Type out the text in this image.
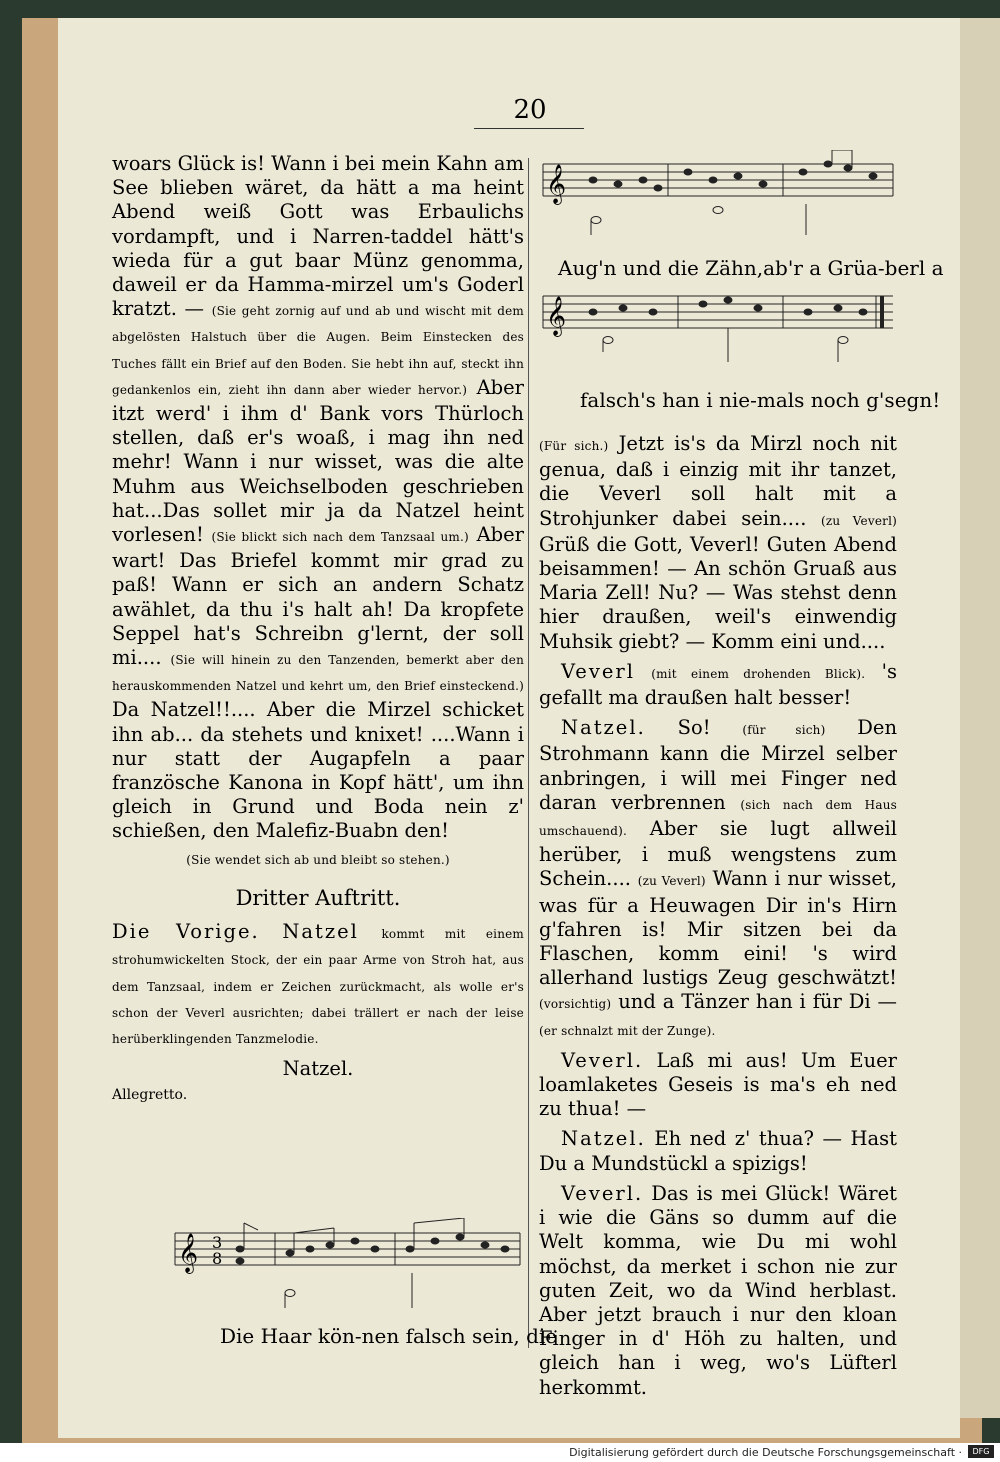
20

woars Glück is! Wann i bei mein Kahn am See blieben wäret, da hätt a ma heint Abend weiß Gott was Erbaulichs vordampft, und i Narren-taddel hätt's wieda für a gut baar Münz genomma, daweil er da Hamma-mirzel um's Goderl kratzt. — (Sie geht zornig auf und ab und wischt mit dem abgelösten Halstuch über die Augen. Beim Einstecken des Tuches fällt ein Brief auf den Boden. Sie hebt ihn auf, steckt ihn gedankenlos ein, zieht ihn dann aber wieder hervor.) Aber itzt werd' i ihm d' Bank vors Thürloch stellen, daß er's woaß, i mag ihn ned mehr! Wann i nur wisset, was die alte Muhm aus Weichselboden geschrieben hat...Das sollet mir ja da Natzel heint vorlesen! (Sie blickt sich nach dem Tanzsaal um.) Aber wart! Das Briefel kommt mir grad zu paß! Wann er sich an andern Schatz awählet, da thu i's halt ah! Da kropfete Seppel hat's Schreibn g'lernt, der soll mi.... (Sie will hinein zu den Tanzenden, bemerkt aber den herauskommenden Natzel und kehrt um, den Brief einsteckend.) Da Natzel!!.... Aber die Mirzel schicket ihn ab... da stehets und knixet! ....Wann i nur statt der Augapfeln a paar französche Kanona in Kopf hätt', um ihn gleich in Grund und Boda nein z' schießen, den Malefiz-Buabn den!

(Sie wendet sich ab und bleibt so stehen.)

Dritter Auftritt.

Die Vorige. Natzel kommt mit einem strohumwickelten Stock, der ein paar Arme von Stroh hat, aus dem Tanzsaal, indem er Zeichen zurückmacht, als wolle er's schon der Veverl ausrichten; dabei trällert er nach der leise herüberklingenden Tanzmelodie.

Natzel.

Allegretto.

𝄞 3
8
Die Haar kön-nen falsch sein, die
𝄞
Aug'n und die Zähn,ab'r a Grüa-berl a
𝄞
falsch's han i nie-mals noch g'segn!

(Für sich.) Jetzt is's da Mirzl noch nit genua, daß i einzig mit ihr tanzet, die Veverl soll halt mit a Strohjunker dabei sein.... (zu Veverl) Grüß die Gott, Veverl! Guten Abend beisammen! — An schön Gruaß aus Maria Zell! Nu? — Was stehst denn hier draußen, weil's einwendig Muhsik giebt? — Komm eini und....

Veverl (mit einem drohenden Blick). 's gefallt ma draußen halt besser!

Natzel. So!	(für sich) Den Strohmann kann die Mirzel selber anbringen, i will mei Finger ned daran verbrennen (sich nach dem Haus umschauend). Aber sie lugt allweil herüber, i muß wengstens zum Schein.... (zu Veverl) Wann i nur wisset, was für a Heuwagen Dir in's Hirn g'fahren is! Mir sitzen bei da Flaschen, komm eini! 's wird allerhand lustigs Zeug geschwätzt! (vorsichtig) und a Tänzer han i für Di — (er schnalzt mit der Zunge).

Veverl. Laß mi aus! Um Euer loamlaketes Geseis is ma's eh ned zu thua! —

Natzel. Eh ned z' thua? — Hast Du a Mundstückl a spizigs!

Veverl. Das is mei Glück! Wäret i wie die Gäns so dumm auf die Welt komma, wie Du mi wohl möchst, da merket i schon nie zur guten Zeit, wo da Wind herblast. Aber jetzt brauch i nur den kloan Finger in d' Höh zu halten, und gleich han i weg, wo's Lüfterl herkommt.

Digitalisierung gefördert durch die Deutsche Forschungsgemeinschaft ·	DFG
